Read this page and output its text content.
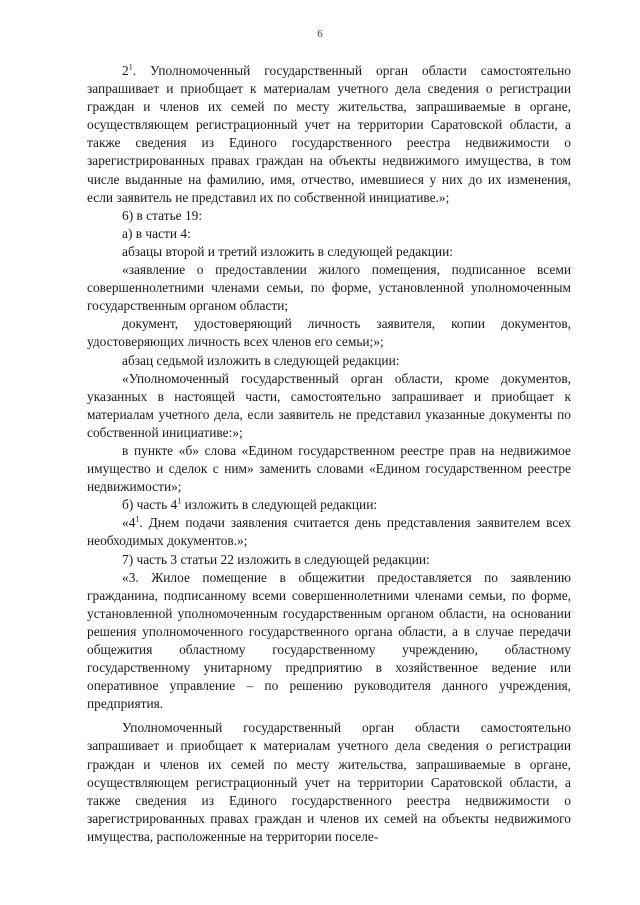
6

$2^1$. Уполномоченный государственный орган области самостоятельно запрашивает и приобщает к материалам учетного дела сведения о регистрации граждан и членов их семей по месту жительства, запрашиваемые в органе, осуществляющем регистрационный учет на территории Саратовской области, а также сведения из Единого государственного реестра недвижимости о зарегистрированных правах граждан на объекты недвижимого имущества, в том числе выданные на фамилию, имя, отчество, имевшиеся у них до их изменения, если заявитель не представил их по собственной инициативе.»;

6) в статье 19:

а) в части 4:

абзацы второй и третий изложить в следующей редакции:

«заявление о предоставлении жилого помещения, подписанное всеми совершеннолетними членами семьи, по форме, установленной уполномоченным государственным органом области;

документ, удостоверяющий личность заявителя, копии документов, удостоверяющих личность всех членов его семьи;»;

абзац седьмой изложить в следующей редакции:

«Уполномоченный государственный орган области, кроме документов, указанных в настоящей части, самостоятельно запрашивает и приобщает к материалам учетного дела, если заявитель не представил указанные документы по собственной инициативе:»;

в пункте «б» слова «Едином государственном реестре прав на недвижимое имущество и сделок с ним» заменить словами «Едином государственном реестре недвижимости»;

б) часть $4^1$ изложить в следующей редакции:

«$4^1$. Днем подачи заявления считается день представления заявителем всех необходимых документов.»;

7) часть 3 статьи 22 изложить в следующей редакции:

«3. Жилое помещение в общежитии предоставляется по заявлению гражданина, подписанному всеми совершеннолетними членами семьи, по форме, установленной уполномоченным государственным органом области, на основании решения уполномоченного государственного органа области, а в случае передачи общежития областному государственному учреждению, областному государственному унитарному предприятию в хозяйственное ведение или оперативное управление – по решению руководителя данного учреждения, предприятия.

Уполномоченный государственный орган области самостоятельно запрашивает и приобщает к материалам учетного дела сведения о регистрации граждан и членов их семей по месту жительства, запрашиваемые в органе, осуществляющем регистрационный учет на территории Саратовской области, а также сведения из Единого государственного реестра недвижимости о зарегистрированных правах граждан и членов их семей на объекты недвижимого имущества, расположенные на территории поселе-
